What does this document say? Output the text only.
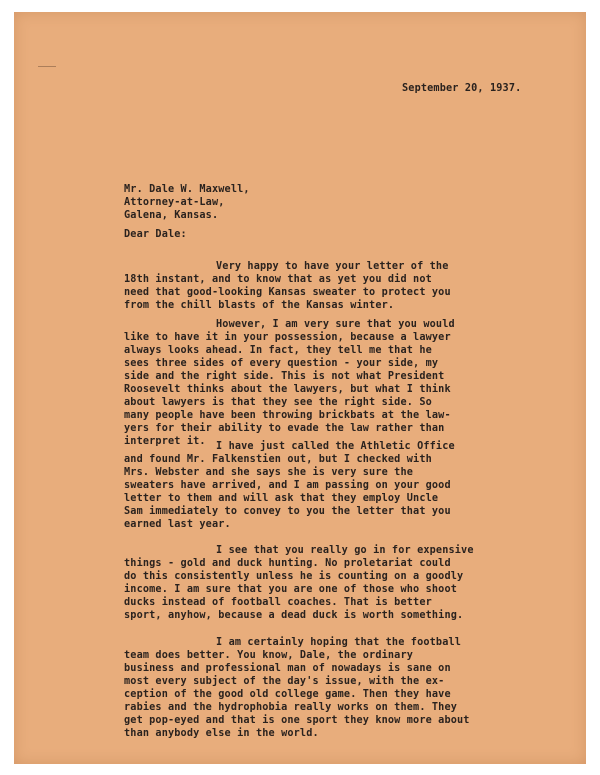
September 20, 1937.
Mr. Dale W. Maxwell,
Attorney-at-Law,
Galena, Kansas.
Dear Dale:
Very happy to have your letter of the
18th instant, and to know that as yet you did not
need that good-looking Kansas sweater to protect you
from the chill blasts of the Kansas winter.
However, I am very sure that you would
like to have it in your possession, because a lawyer
always looks ahead. In fact, they tell me that he
sees three sides of every question - your side, my
side and the right side. This is not what President
Roosevelt thinks about the lawyers, but what I think
about lawyers is that they see the right side. So
many people have been throwing brickbats at the law-
yers for their ability to evade the law rather than
interpret it.	I have just called the Athletic Office
and found Mr. Falkenstien out, but I checked with
Mrs. Webster and she says she is very sure the
sweaters have arrived, and I am passing on your good
letter to them and will ask that they employ Uncle
Sam immediately to convey to you the letter that you
earned last year.
I see that you really go in for expensive
things - gold and duck hunting. No proletariat could
do this consistently unless he is counting on a goodly
income. I am sure that you are one of those who shoot
ducks instead of football coaches. That is better
sport, anyhow, because a dead duck is worth something.
I am certainly hoping that the football
team does better. You know, Dale, the ordinary
business and professional man of nowadays is sane on
most every subject of the day's issue, with the ex-
ception of the good old college game. Then they have
rabies and the hydrophobia really works on them. They
get pop-eyed and that is one sport they know more about
than anybody else in the world.
